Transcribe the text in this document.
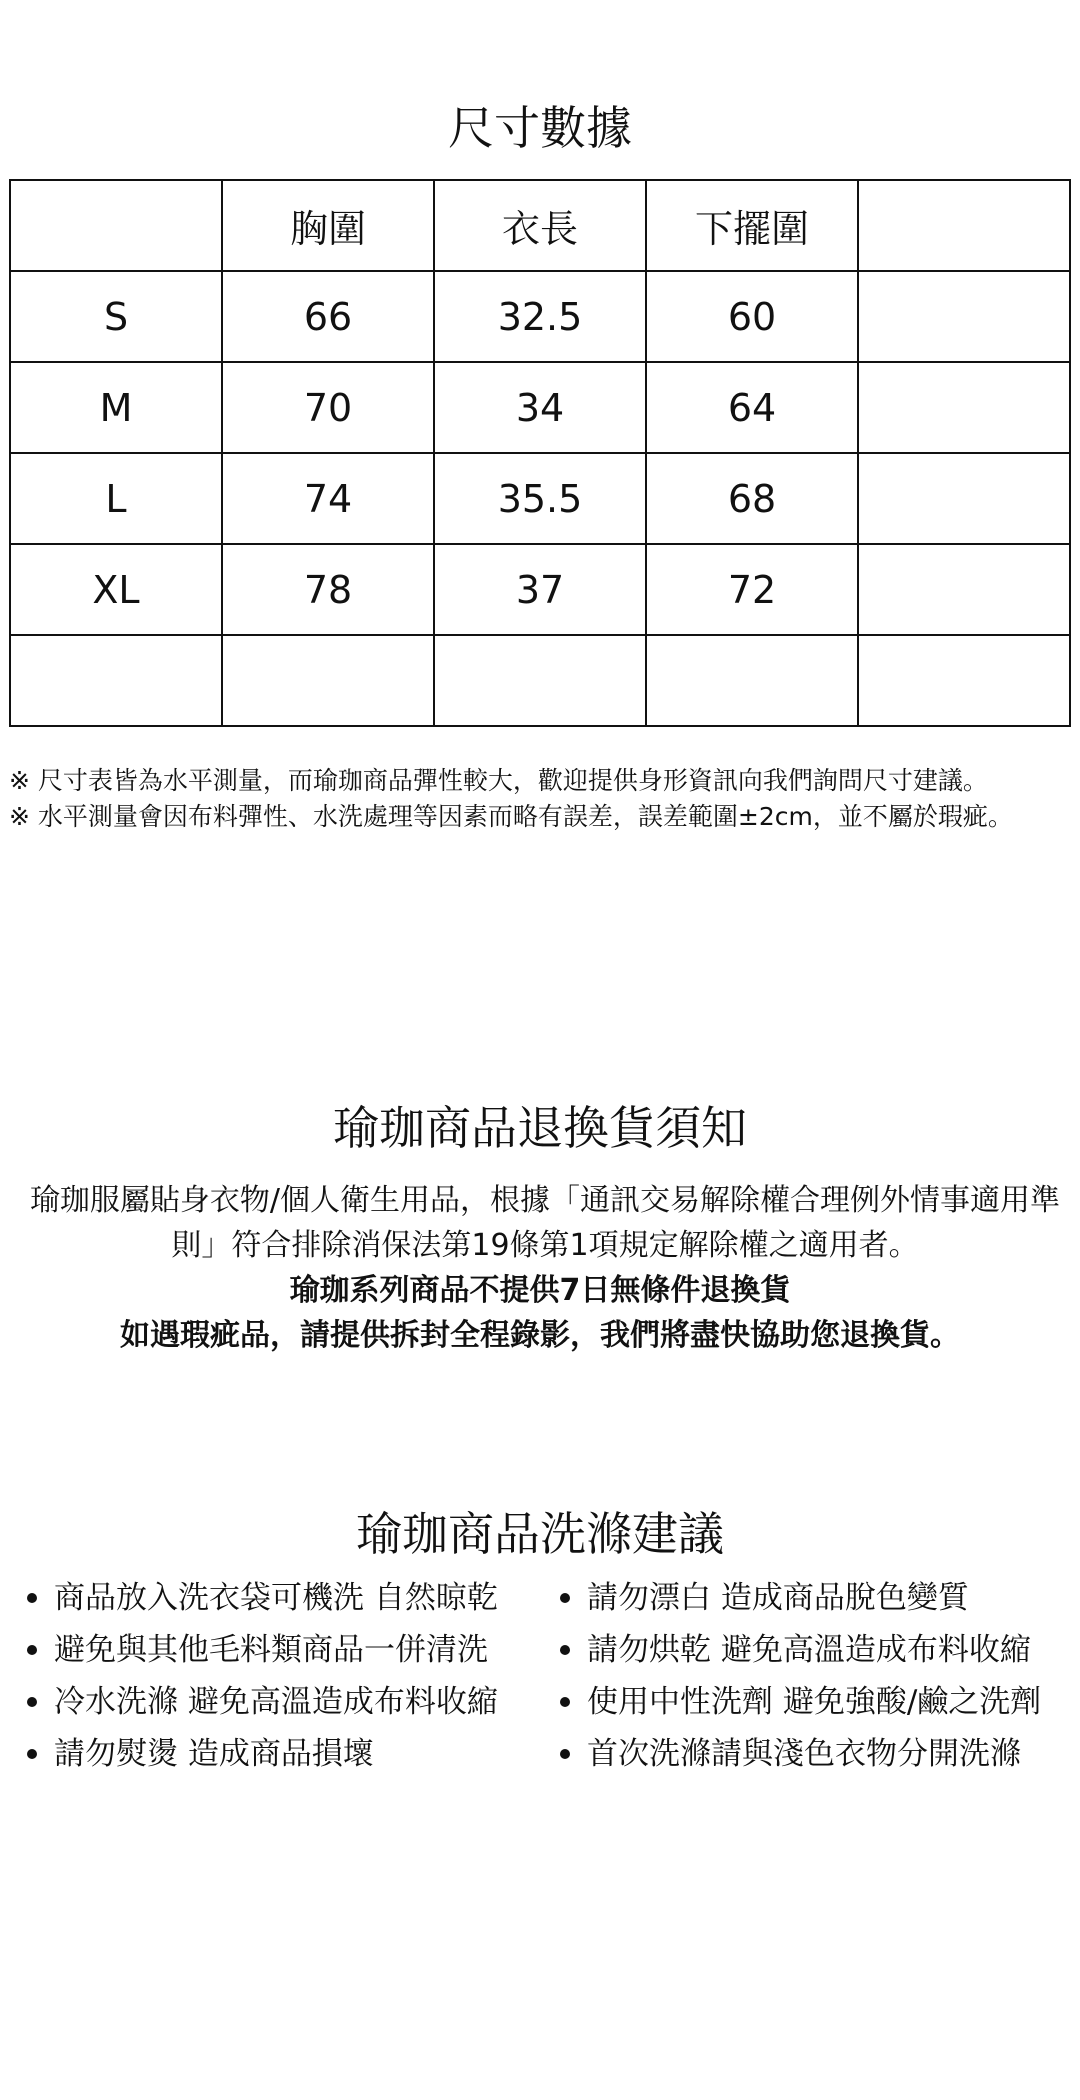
尺寸數據
	胸圍	衣長	下擺圍	
S	66	32.5	60	
M	70	34	64	
L	74	35.5	68	
XL	78	37	72	

※ 尺寸表皆為水平測量，而瑜珈商品彈性較大，歡迎提供身形資訊向我們詢問尺寸建議。

※ 水平測量會因布料彈性、水洗處理等因素而略有誤差，誤差範圍±2cm，並不屬於瑕疵。

瑜珈商品退換貨須知

瑜珈服屬貼身衣物/個人衛生用品，根據「通訊交易解除權合理例外情事適用準則」符合排除消保法第19條第1項規定解除權之適用者。

瑜珈系列商品不提供7日無條件退換貨

如遇瑕疵品，請提供拆封全程錄影，我們將盡快協助您退換貨。

瑜珈商品洗滌建議
商品放入洗衣袋可機洗 自然晾乾
避免與其他毛料類商品一併清洗
冷水洗滌 避免高溫造成布料收縮
請勿熨燙 造成商品損壞
請勿漂白 造成商品脫色變質
請勿烘乾 避免高溫造成布料收縮
使用中性洗劑 避免強酸/鹼之洗劑
首次洗滌請與淺色衣物分開洗滌
